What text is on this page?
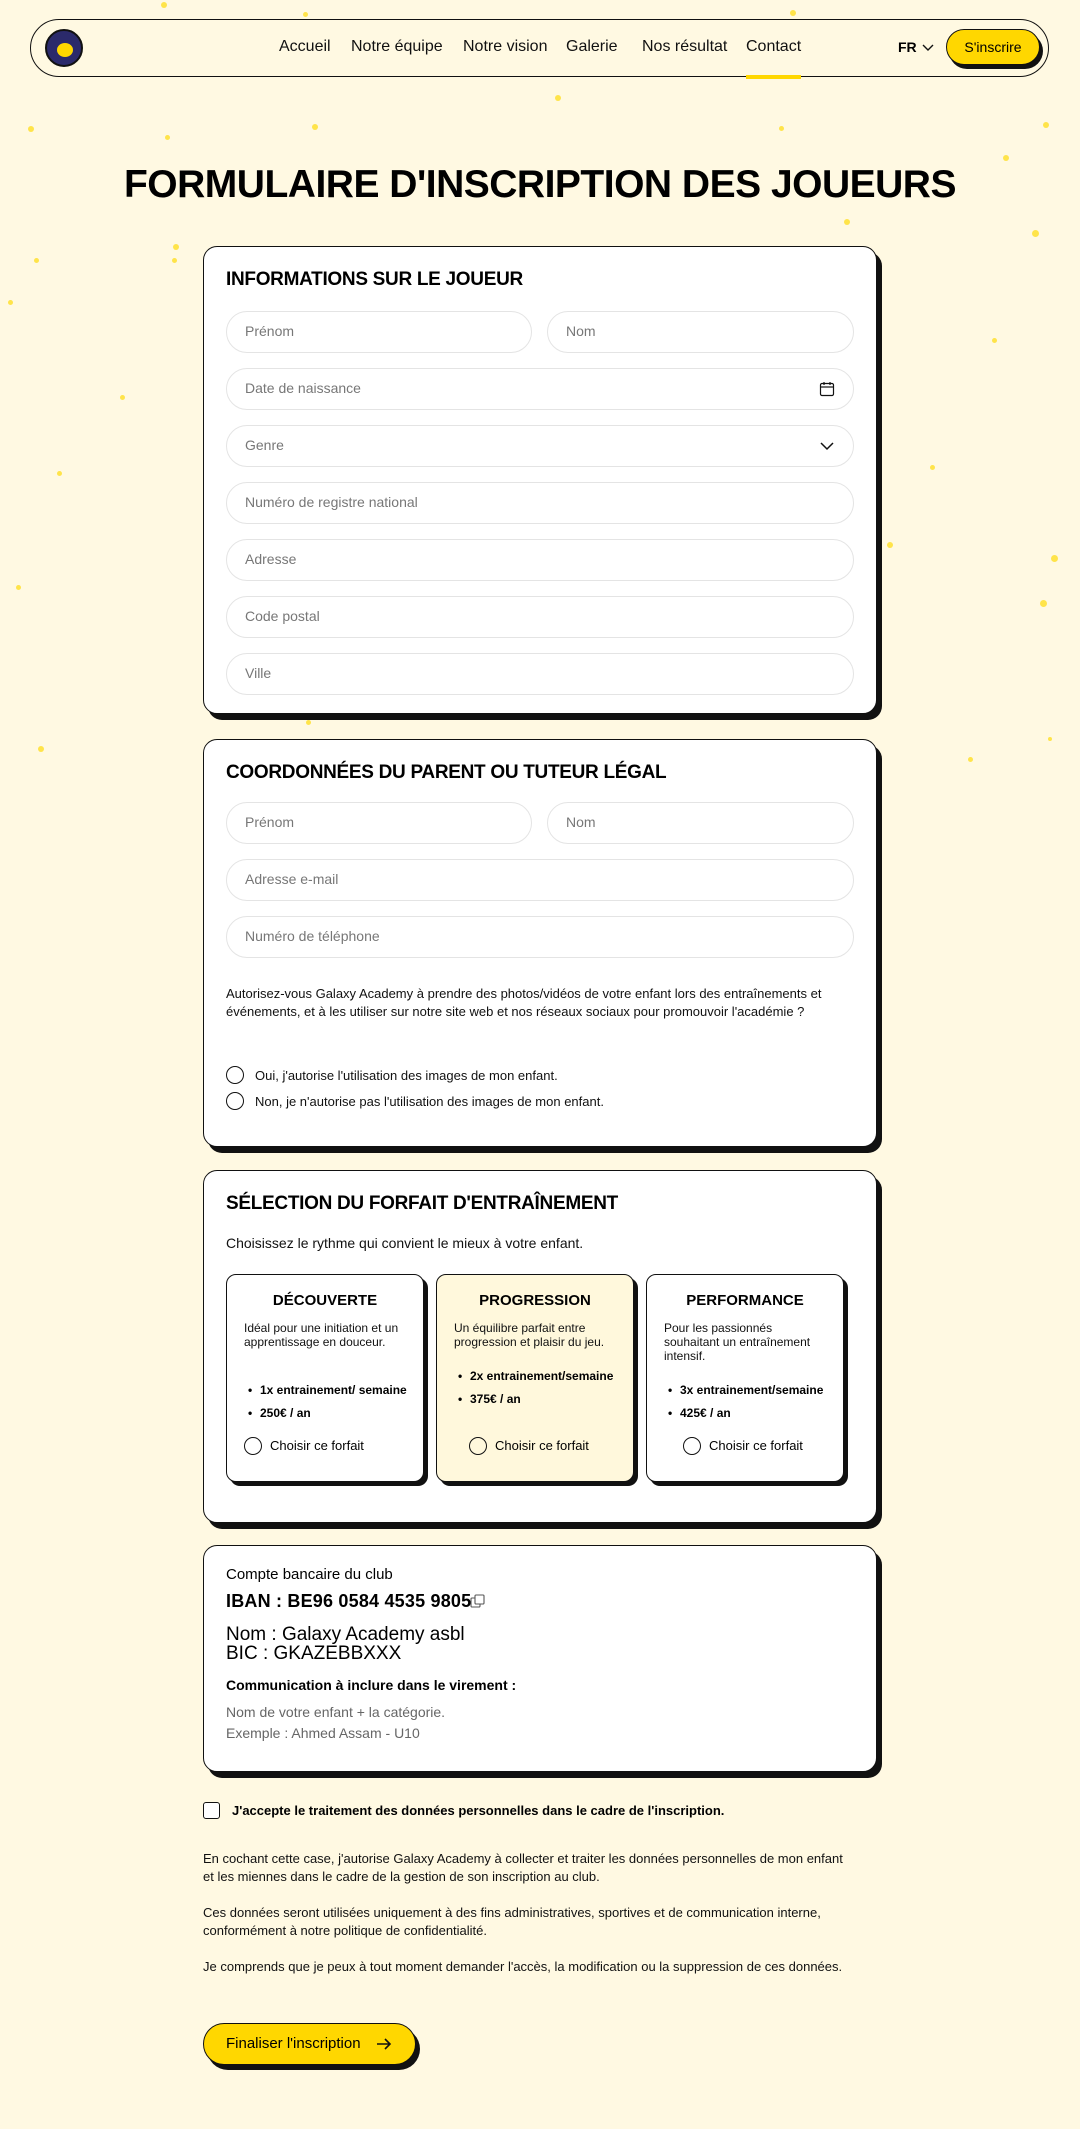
Accueil Notre équipe Notre vision Galerie Nos résultat Contact	FR	S'inscrire
FORMULAIRE D'INSCRIPTION DES JOUEURS
INFORMATIONS SUR LE JOUEUR
Prénom	Nom
Date de naissance
Genre
Numéro de registre national
Adresse
Code postal
Ville
COORDONNÉES DU PARENT OU TUTEUR LÉGAL
Prénom	Nom
Adresse e-mail
Numéro de téléphone

Autorisez-vous Galaxy Academy à prendre des photos/vidéos de votre enfant lors des entraînements et événements, et à les utiliser sur notre site web et nos réseaux sociaux pour promouvoir l'académie ?

Oui, j'autorise l'utilisation des images de mon enfant.
Non, je n'autorise pas l'utilisation des images de mon enfant.
SÉLECTION DU FORFAIT D'ENTRAÎNEMENT

Choisissez le rythme qui convient le mieux à votre enfant.

DÉCOUVERTE
Idéal pour une initiation et un apprentissage en douceur.
• 1x entrainement/ semaine
• 250€ / an
Choisir ce forfait
PROGRESSION
Un équilibre parfait entre progression et plaisir du jeu.
• 2x entrainement/semaine
• 375€ / an
Choisir ce forfait
PERFORMANCE
Pour les passionnés souhaitant un entraînement intensif.
• 3x entrainement/semaine
• 425€ / an
Choisir ce forfait
Compte bancaire du club
IBAN : BE96 0584 4535 9805
Nom : Galaxy Academy asbl
BIC : GKAZEBBXXX
Communication à inclure dans le virement :
Nom de votre enfant + la catégorie.
Exemple : Ahmed Assam - U10
J'accepte le traitement des données personnelles dans le cadre de l'inscription.

En cochant cette case, j'autorise Galaxy Academy à collecter et traiter les données personnelles de mon enfant et les miennes dans le cadre de la gestion de son inscription au club.

Ces données seront utilisées uniquement à des fins administratives, sportives et de communication interne, conformément à notre politique de confidentialité.

Je comprends que je peux à tout moment demander l'accès, la modification ou la suppression de ces données.

Finaliser l'inscription
